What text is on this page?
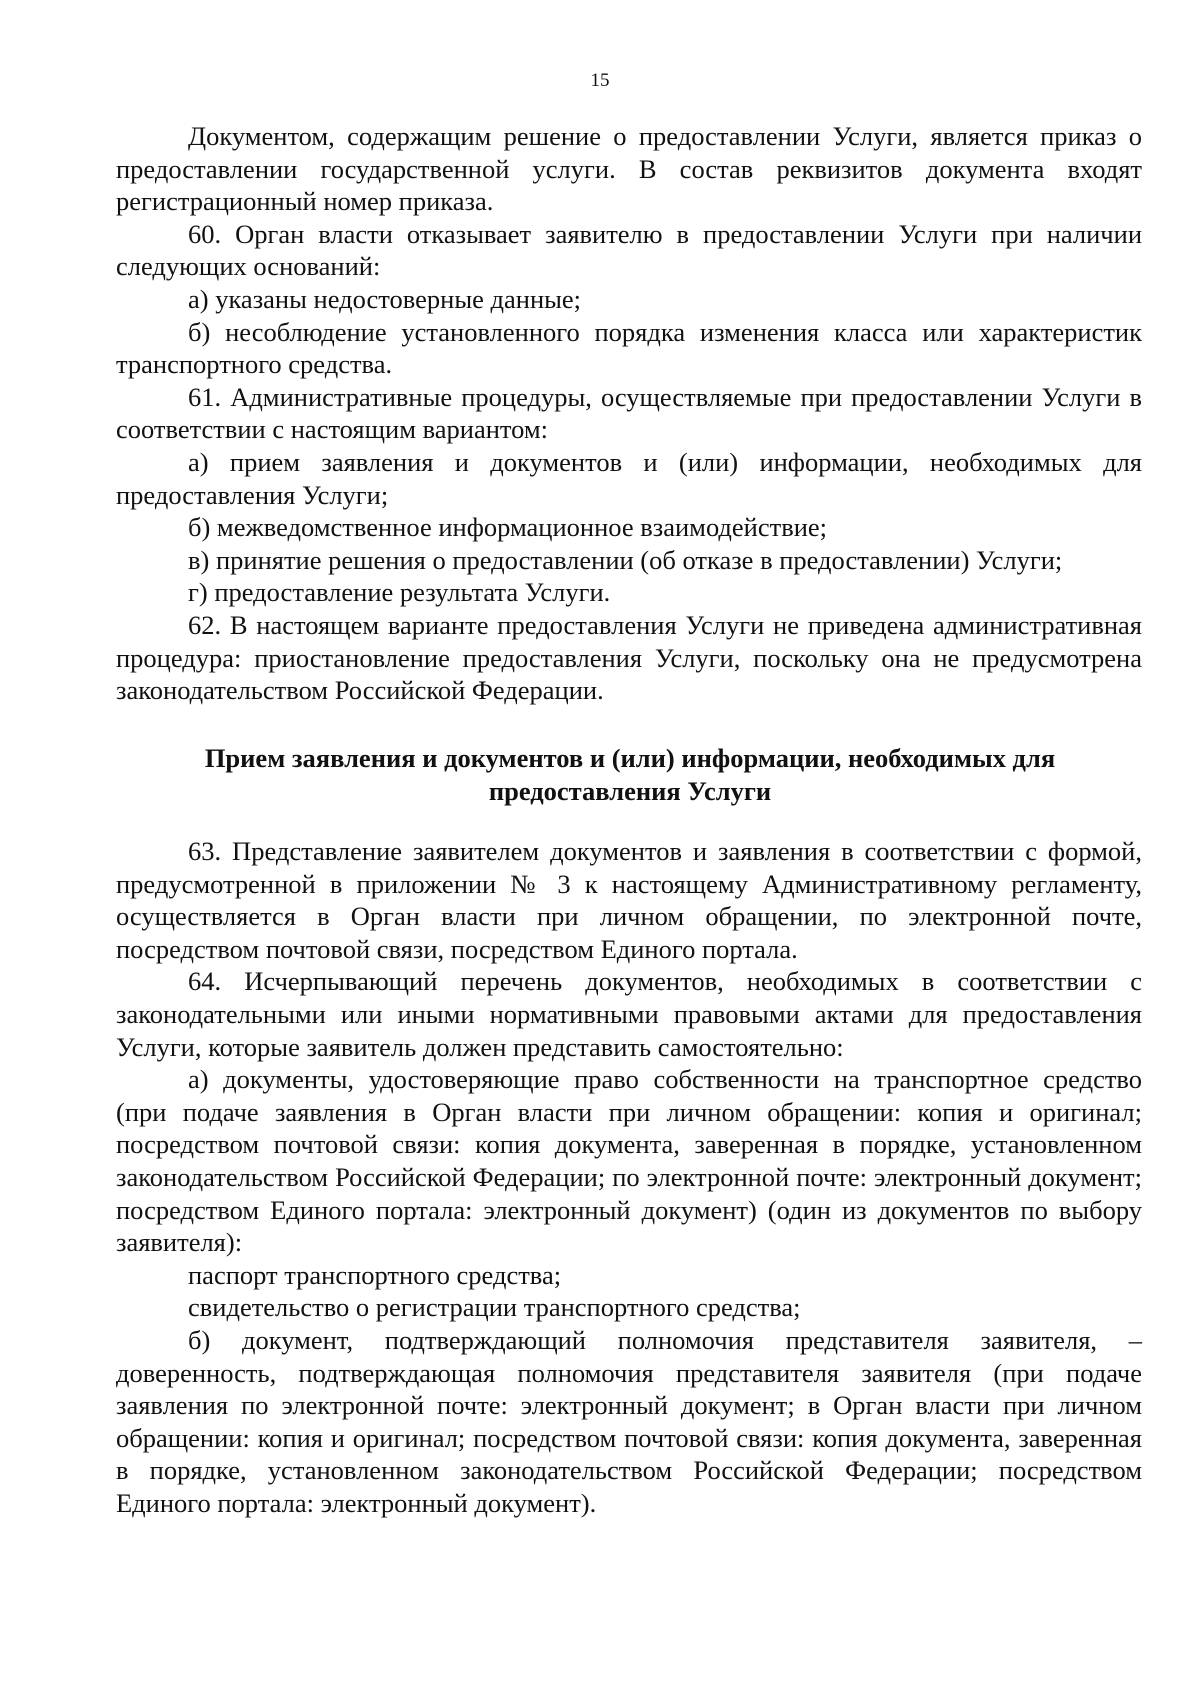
15

Документом, содержащим решение о предоставлении Услуги, является приказ о предоставлении государственной услуги. В состав реквизитов документа входят регистрационный номер приказа.

60. Орган власти отказывает заявителю в предоставлении Услуги при наличии следующих оснований:

а) указаны недостоверные данные;

б) несоблюдение установленного порядка изменения класса или характеристик транспортного средства.

61. Административные процедуры, осуществляемые при предоставлении Услуги в соответствии с настоящим вариантом:

а) прием заявления и документов и (или) информации, необходимых для предоставления Услуги;

б) межведомственное информационное взаимодействие;

в) принятие решения о предоставлении (об отказе в предоставлении) Услуги;

г) предоставление результата Услуги.

62. В настоящем варианте предоставления Услуги не приведена административная процедура: приостановление предоставления Услуги, поскольку она не предусмотрена законодательством Российской Федерации.

Прием заявления и документов и (или) информации, необходимых для
предоставления Услуги

63. Представление заявителем документов и заявления в соответствии с формой, предусмотренной в приложении № 3 к настоящему Административному регламенту, осуществляется в Орган власти при личном обращении, по электронной почте, посредством почтовой связи, посредством Единого портала.

64. Исчерпывающий перечень документов, необходимых в соответствии с законодательными или иными нормативными правовыми актами для предоставления Услуги, которые заявитель должен представить самостоятельно:

а) документы, удостоверяющие право собственности на транспортное средство (при подаче заявления в Орган власти при личном обращении: копия и оригинал; посредством почтовой связи: копия документа, заверенная в порядке, установленном законодательством Российской Федерации; по электронной почте: электронный документ; посредством Единого портала: электронный документ) (один из документов по выбору заявителя):

паспорт транспортного средства;

свидетельство о регистрации транспортного средства;

б) документ, подтверждающий полномочия представителя заявителя, – доверенность, подтверждающая полномочия представителя заявителя (при подаче заявления по электронной почте: электронный документ; в Орган власти при личном обращении: копия и оригинал; посредством почтовой связи: копия документа, заверенная в порядке, установленном законодательством Российской Федерации; посредством Единого портала: электронный документ).
